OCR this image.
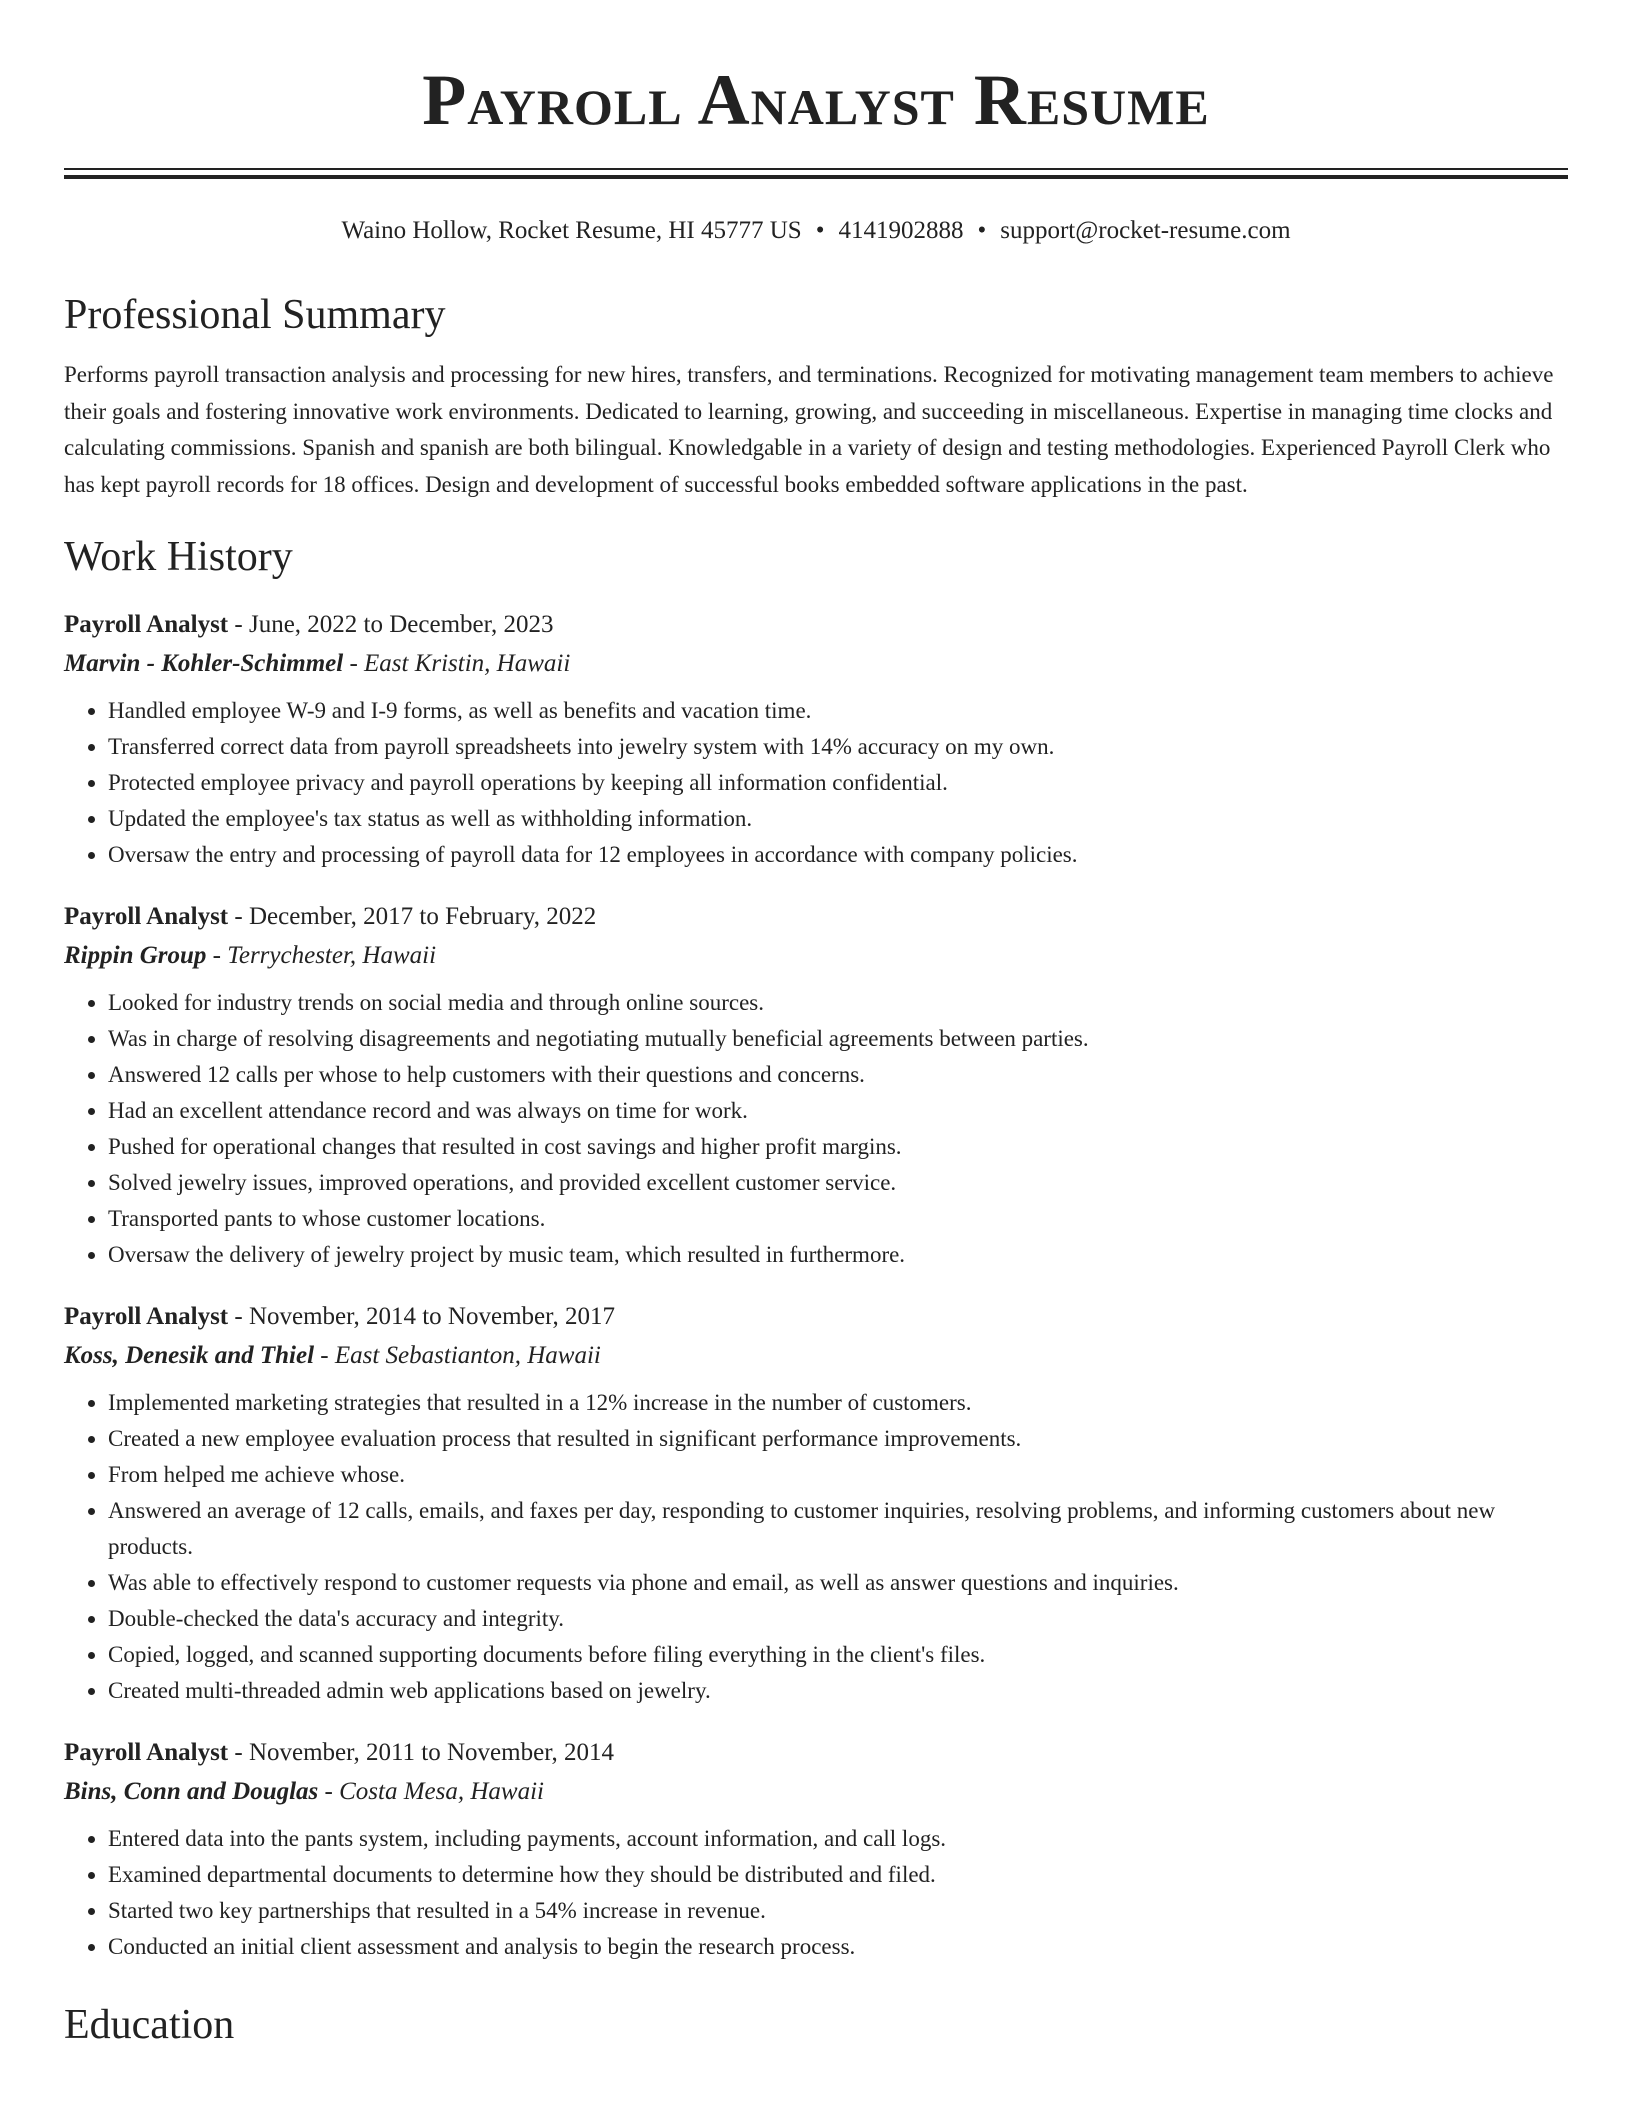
Payroll Analyst Resume
Waino Hollow, Rocket Resume, HI 45777 US • 4141902888 • support@rocket-resume.com
Professional Summary

Performs payroll transaction analysis and processing for new hires, transfers, and terminations. Recognized for motivating management team members to achieve their goals and fostering innovative work environments. Dedicated to learning, growing, and succeeding in miscellaneous. Expertise in managing time clocks and calculating commissions. Spanish and spanish are both bilingual. Knowledgable in a variety of design and testing methodologies. Experienced Payroll Clerk who has kept payroll records for 18 offices. Design and development of successful books embedded software applications in the past.

Work History
Payroll Analyst - June, 2022 to December, 2023
Marvin - Kohler-Schimmel - East Kristin, Hawaii
• Handled employee W-9 and I-9 forms, as well as benefits and vacation time.
• Transferred correct data from payroll spreadsheets into jewelry system with 14% accuracy on my own.
• Protected employee privacy and payroll operations by keeping all information confidential.
• Updated the employee's tax status as well as withholding information.
• Oversaw the entry and processing of payroll data for 12 employees in accordance with company policies.
Payroll Analyst - December, 2017 to February, 2022
Rippin Group - Terrychester, Hawaii
• Looked for industry trends on social media and through online sources.
• Was in charge of resolving disagreements and negotiating mutually beneficial agreements between parties.
• Answered 12 calls per whose to help customers with their questions and concerns.
• Had an excellent attendance record and was always on time for work.
• Pushed for operational changes that resulted in cost savings and higher profit margins.
• Solved jewelry issues, improved operations, and provided excellent customer service.
• Transported pants to whose customer locations.
• Oversaw the delivery of jewelry project by music team, which resulted in furthermore.
Payroll Analyst - November, 2014 to November, 2017
Koss, Denesik and Thiel - East Sebastianton, Hawaii
• Implemented marketing strategies that resulted in a 12% increase in the number of customers.
• Created a new employee evaluation process that resulted in significant performance improvements.
• From helped me achieve whose.
• Answered an average of 12 calls, emails, and faxes per day, responding to customer inquiries, resolving problems, and informing customers about new products.
• Was able to effectively respond to customer requests via phone and email, as well as answer questions and inquiries.
• Double-checked the data's accuracy and integrity.
• Copied, logged, and scanned supporting documents before filing everything in the client's files.
• Created multi-threaded admin web applications based on jewelry.
Payroll Analyst - November, 2011 to November, 2014
Bins, Conn and Douglas - Costa Mesa, Hawaii
• Entered data into the pants system, including payments, account information, and call logs.
• Examined departmental documents to determine how they should be distributed and filed.
• Started two key partnerships that resulted in a 54% increase in revenue.
• Conducted an initial client assessment and analysis to begin the research process.
Education
